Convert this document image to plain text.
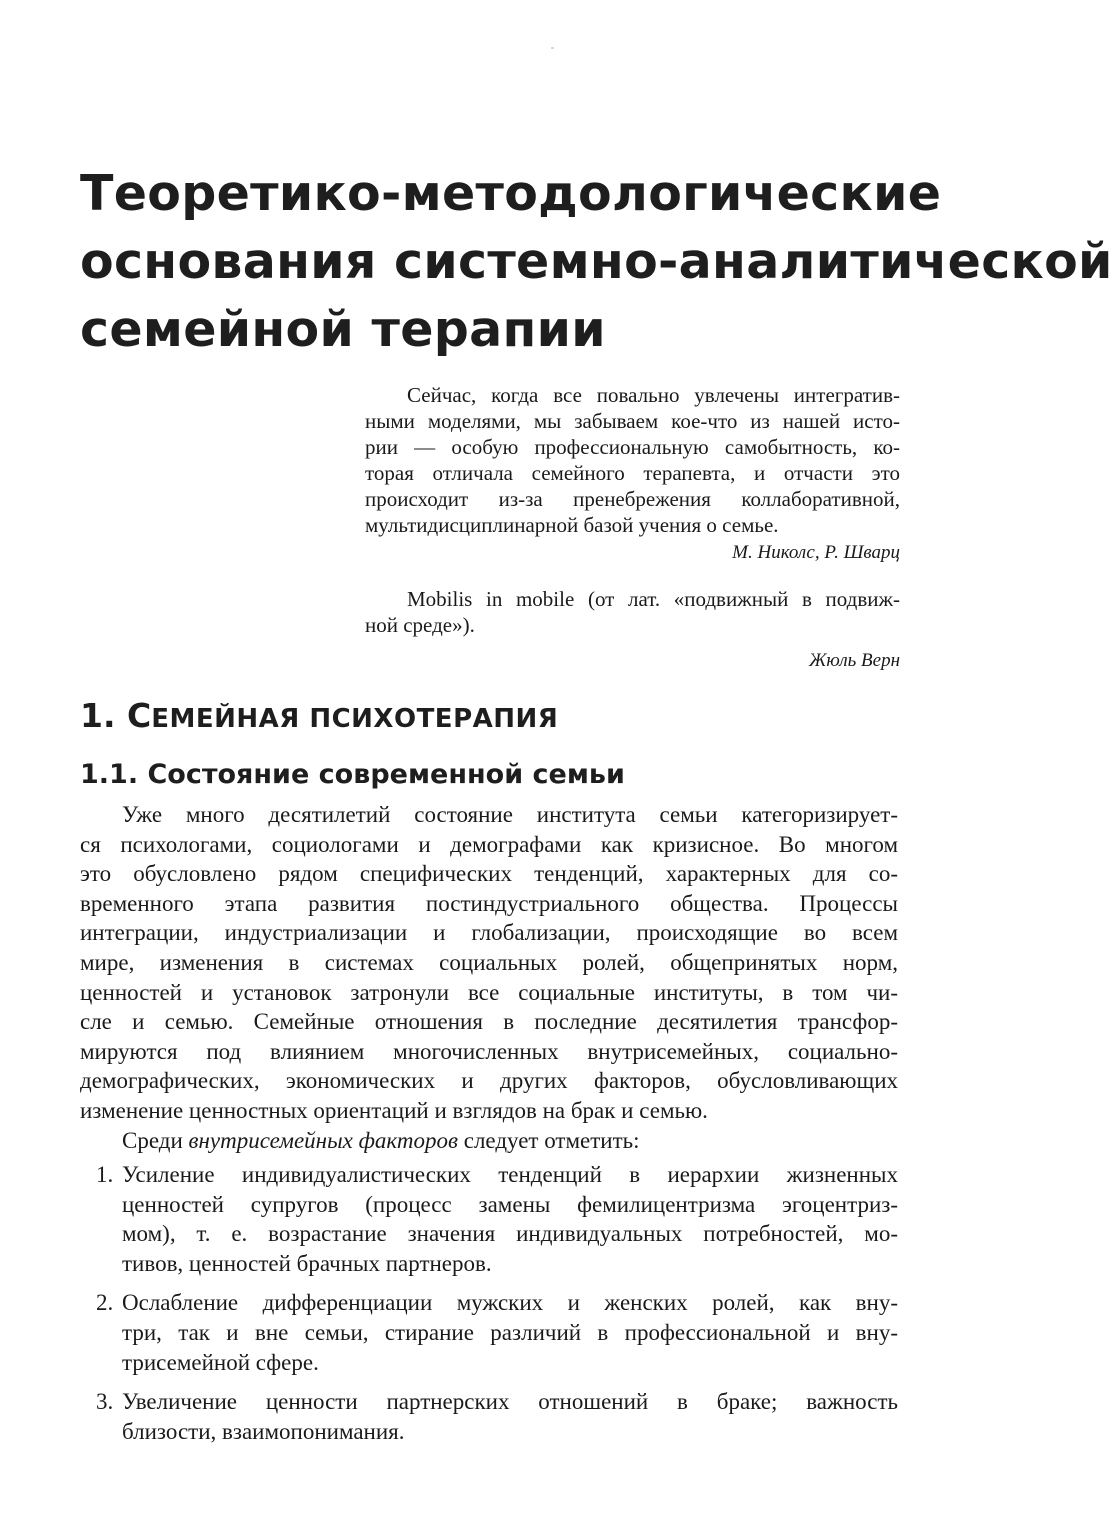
Теоретико-методологические
основания системно-аналитической
семейной терапии
Сейчас, когда все повально увлечены интегратив-
ными моделями, мы забываем кое-что из нашей исто-
рии — особую профессиональную самобытность, ко-
торая отличала семейного терапевта, и отчасти это
происходит из-за пренебрежения коллаборативной,
мультидисциплинарной базой учения о семье.
М. Николс, Р. Шварц
Mobilis in mobile (от лат. «подвижный в подвиж-
ной среде»).
Жюль Верн
1. СЕМЕЙНАЯ ПСИХОТЕРАПИЯ
1.1. Состояние современной семьи
Уже много десятилетий состояние института семьи категоризирует-
ся психологами, социологами и демографами как кризисное. Во многом
это обусловлено рядом специфических тенденций, характерных для со-
временного этапа развития постиндустриального общества. Процессы
интеграции, индустриализации и глобализации, происходящие во всем
мире, изменения в системах социальных ролей, общепринятых норм,
ценностей и установок затронули все социальные институты, в том чи-
сле и семью. Семейные отношения в последние десятилетия трансфор-
мируются под влиянием многочисленных внутрисемейных, социально-
демографических, экономических и других факторов, обусловливающих
изменение ценностных ориентаций и взглядов на брак и семью.
Среди внутрисемейных факторов следует отметить:
1. Усиление индивидуалистических тенденций в иерархии жизненных
ценностей супругов (процесс замены фемилицентризма эгоцентриз-
мом), т. е. возрастание значения индивидуальных потребностей, мо-
тивов, ценностей брачных партнеров.
2. Ослабление дифференциации мужских и женских ролей, как вну-
три, так и вне семьи, стирание различий в профессиональной и вну-
трисемейной сфере.
3. Увеличение ценности партнерских отношений в браке; важность
близости, взаимопонимания.
